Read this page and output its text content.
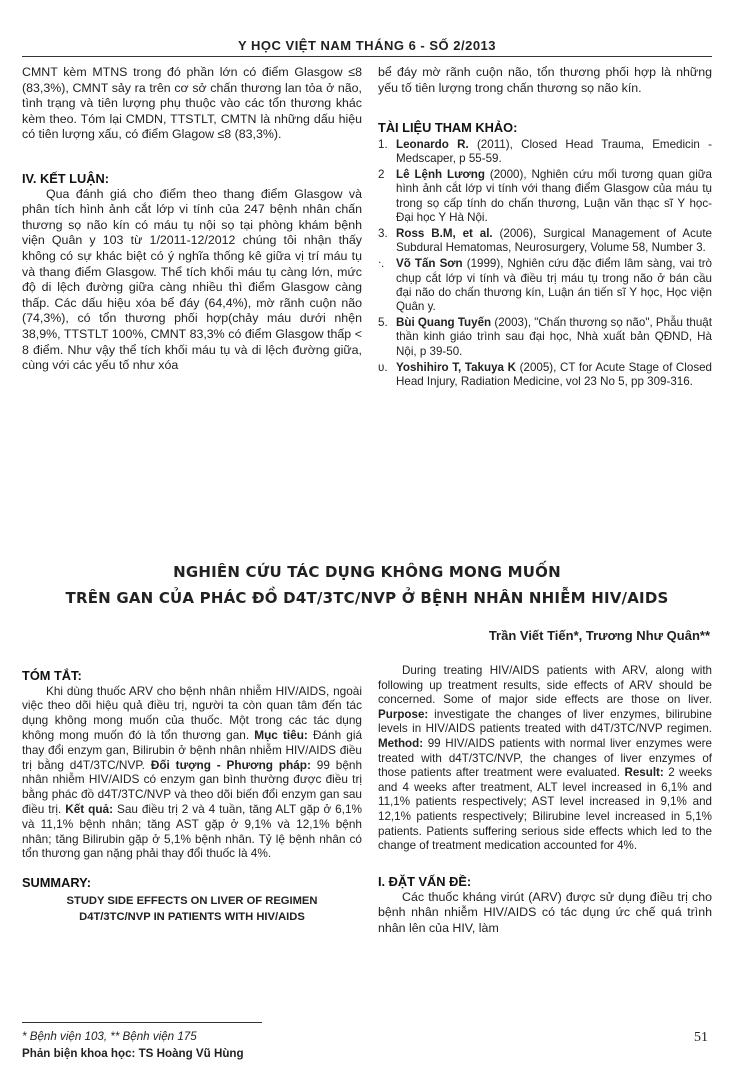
Y HỌC VIỆT NAM THÁNG 6 - SỐ 2/2013

CMNT kèm MTNS trong đó phần lớn có điểm Glasgow ≤8 (83,3%), CMNT sảy ra trên cơ sở chấn thương lan tỏa ở não, tình trạng và tiên lượng phụ thuộc vào các tổn thương khác kèm theo. Tóm lại CMDN, TTSTLT, CMTN là những dấu hiệu có tiên lượng xấu, có điểm Glagow ≤8 (83,3%).

IV. KẾT LUẬN:

Qua đánh giá cho điểm theo thang điểm Glasgow và phân tích hình ảnh cắt lớp vi tính của 247 bệnh nhân chấn thương sọ não kín có máu tụ nội sọ tại phòng khám bệnh viện Quân y 103 từ 1/2011-12/2012 chúng tôi nhận thấy không có sự khác biệt có ý nghĩa thống kê giữa vị trí máu tụ và thang điểm Glasgow. Thể tích khối máu tụ càng lớn, mức độ di lệch đường giữa càng nhiều thì điểm Glasgow càng thấp. Các dấu hiệu xóa bể đáy (64,4%), mờ rãnh cuộn não (74,3%), có tổn thương phối hợp(chảy máu dưới nhện 38,9%, TTSTLT 100%, CMNT 83,3% có điểm Glasgow thấp < 8 điểm. Như vậy thể tích khối máu tụ và di lệch đường giữa, cùng với các yếu tố như xóa

bể đáy mờ rãnh cuộn não, tổn thương phối hợp là những yếu tố tiên lượng trong chấn thương sọ não kín.

TÀI LIỆU THAM KHẢO:
1. Leonardo R. (2011), Closed Head Trauma, Emedicin -Medscaper, p 55-59.
2 Lê Lệnh Lương (2000), Nghiên cứu mối tương quan giữa hình ảnh cắt lớp vi tính với thang điểm Glasgow của máu tụ trong sọ cấp tính do chấn thương, Luận văn thạc sĩ Y học- Đại học Y Hà Nội.
3. Ross B.M, et al. (2006), Surgical Management of Acute Subdural Hematomas, Neurosurgery, Volume 58, Number 3.
ᐧ. Võ Tấn Sơn (1999), Nghiên cứu đặc điểm lâm sàng, vai trò chụp cắt lớp vi tính và điều trị máu tụ trong não ở bán cầu đại não do chấn thương kín, Luận án tiến sĩ Y học, Học viện Quân y.
5. Bùi Quang Tuyến (2003), "Chấn thương sọ não", Phẫu thuật thần kinh giáo trình sau đại học, Nhà xuất bản QĐND, Hà Nội, p 39-50.
υ. Yoshihiro T, Takuya K (2005), CT for Acute Stage of Closed Head Injury, Radiation Medicine, vol 23 No 5, pp 309-316.
NGHIÊN CỨU TÁC DỤNG KHÔNG MONG MUỐN
TRÊN GAN CỦA PHÁC ĐỒ D4T/3TC/NVP Ở BỆNH NHÂN NHIỄM HIV/AIDS
Trần Viết Tiến*, Trương Như Quân**
TÓM TẮT:

Khi dùng thuốc ARV cho bệnh nhân nhiễm HIV/AIDS, ngoài việc theo dõi hiệu quả điều trị, người ta còn quan tâm đến tác dụng không mong muốn của thuốc. Một trong các tác dụng không mong muốn đó là tổn thương gan. Mục tiêu: Đánh giá thay đổi enzym gan, Bilirubin ở bệnh nhân nhiễm HIV/AIDS điều trị bằng d4T/3TC/NVP. Đối tượng - Phương pháp: 99 bệnh nhân nhiễm HIV/AIDS có enzym gan bình thường được điều trị bằng phác đồ d4T/3TC/NVP và theo dõi biến đổi enzym gan sau điều trị. Kết quả: Sau điều trị 2 và 4 tuần, tăng ALT gặp ở 6,1% và 11,1% bệnh nhân; tăng AST gặp ở 9,1% và 12,1% bệnh nhân; tăng Bilirubin gặp ở 5,1% bệnh nhân. Tỷ lệ bệnh nhân có tổn thương gan nặng phải thay đổi thuốc là 4%.

SUMMARY:
STUDY SIDE EFFECTS ON LIVER OF REGIMEN
D4T/3TC/NVP IN PATIENTS WITH HIV/AIDS

During treating HIV/AIDS patients with ARV, along with following up treatment results, side effects of ARV should be concerned. Some of major side effects are those on liver. Purpose: investigate the changes of liver enzymes, bilirubine levels in HIV/AIDS patients treated with d4T/3TC/NVP regimen. Method: 99 HIV/AIDS patients with normal liver enzymes were treated with d4T/3TC/NVP, the changes of liver enzymes of those patients after treatment were evaluated. Result: 2 weeks and 4 weeks after treatment, ALT level increased in 6,1% and 11,1% patients respectively; AST level increased in 9,1% and 12,1% patients respectively; Bilirubine level increased in 5,1% patients. Patients suffering serious side effects which led to the change of treatment medication accounted for 4%.

I. ĐẶT VẤN ĐỀ:

Các thuốc kháng virút (ARV) được sử dụng điều trị cho bệnh nhân nhiễm HIV/AIDS có tác dụng ức chế quá trình nhân lên của HIV, làm

* Bệnh viện 103, ** Bệnh viện 175
Phản biện khoa học: TS Hoàng Vũ Hùng
51
